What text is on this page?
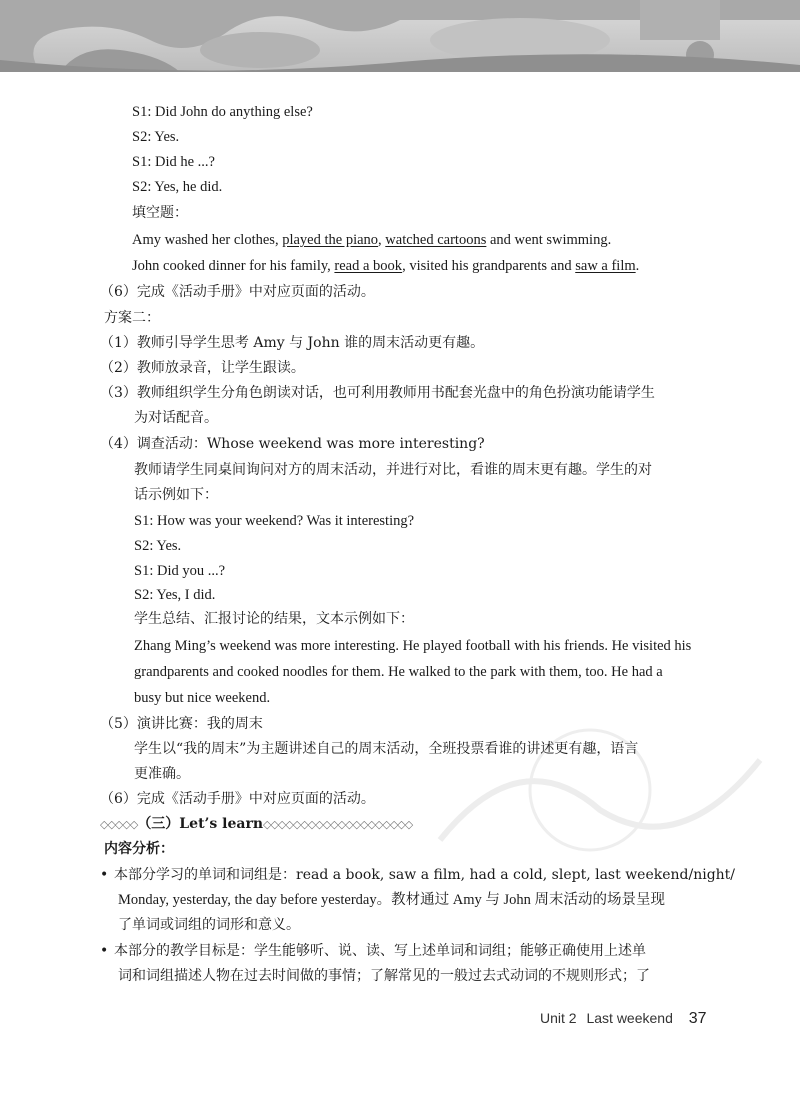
S1: Did John do anything else?
S2: Yes.
S1: Did he ...?
S2: Yes, he did.
填空题：
Amy washed her clothes, played the piano, watched cartoons and went swimming.
John cooked dinner for his family, read a book, visited his grandparents and saw a film.
（6）完成《活动手册》中对应页面的活动。
方案二：
（1）教师引导学生思考 Amy 与 John 谁的周末活动更有趣。
（2）教师放录音，让学生跟读。
（3）教师组织学生分角色朗读对话，也可利用教师用书配套光盘中的角色扮演功能请学生
为对话配音。
（4）调查活动：Whose weekend was more interesting?
教师请学生同桌间询问对方的周末活动，并进行对比，看谁的周末更有趣。学生的对
话示例如下：
S1: How was your weekend? Was it interesting?
S2: Yes.
S1: Did you ...?
S2: Yes, I did.
学生总结、汇报讨论的结果，文本示例如下：
Zhang Ming’s weekend was more interesting. He played football with his friends. He visited his
grandparents and cooked noodles for them. He walked to the park with them, too. He had a
busy but nice weekend.
（5）演讲比赛：我的周末
学生以“我的周末”为主题讲述自己的周末活动，全班投票看谁的讲述更有趣，语言
更准确。
（6）完成《活动手册》中对应页面的活动。
◇◇◇◇◇（三）Let’s learn◇◇◇◇◇◇◇◇◇◇◇◇◇◇◇◇◇◇◇◇
内容分析：
• 本部分学习的单词和词组是：read a book, saw a film, had a cold, slept, last weekend/night/
Monday, yesterday, the day before yesterday。教材通过 Amy 与 John 周末活动的场景呈现
了单词或词组的词形和意义。
• 本部分的教学目标是：学生能够听、说、读、写上述单词和词组；能够正确使用上述单
词和词组描述人物在过去时间做的事情；了解常见的一般过去式动词的不规则形式；了
Unit 2 Last weekend 37
